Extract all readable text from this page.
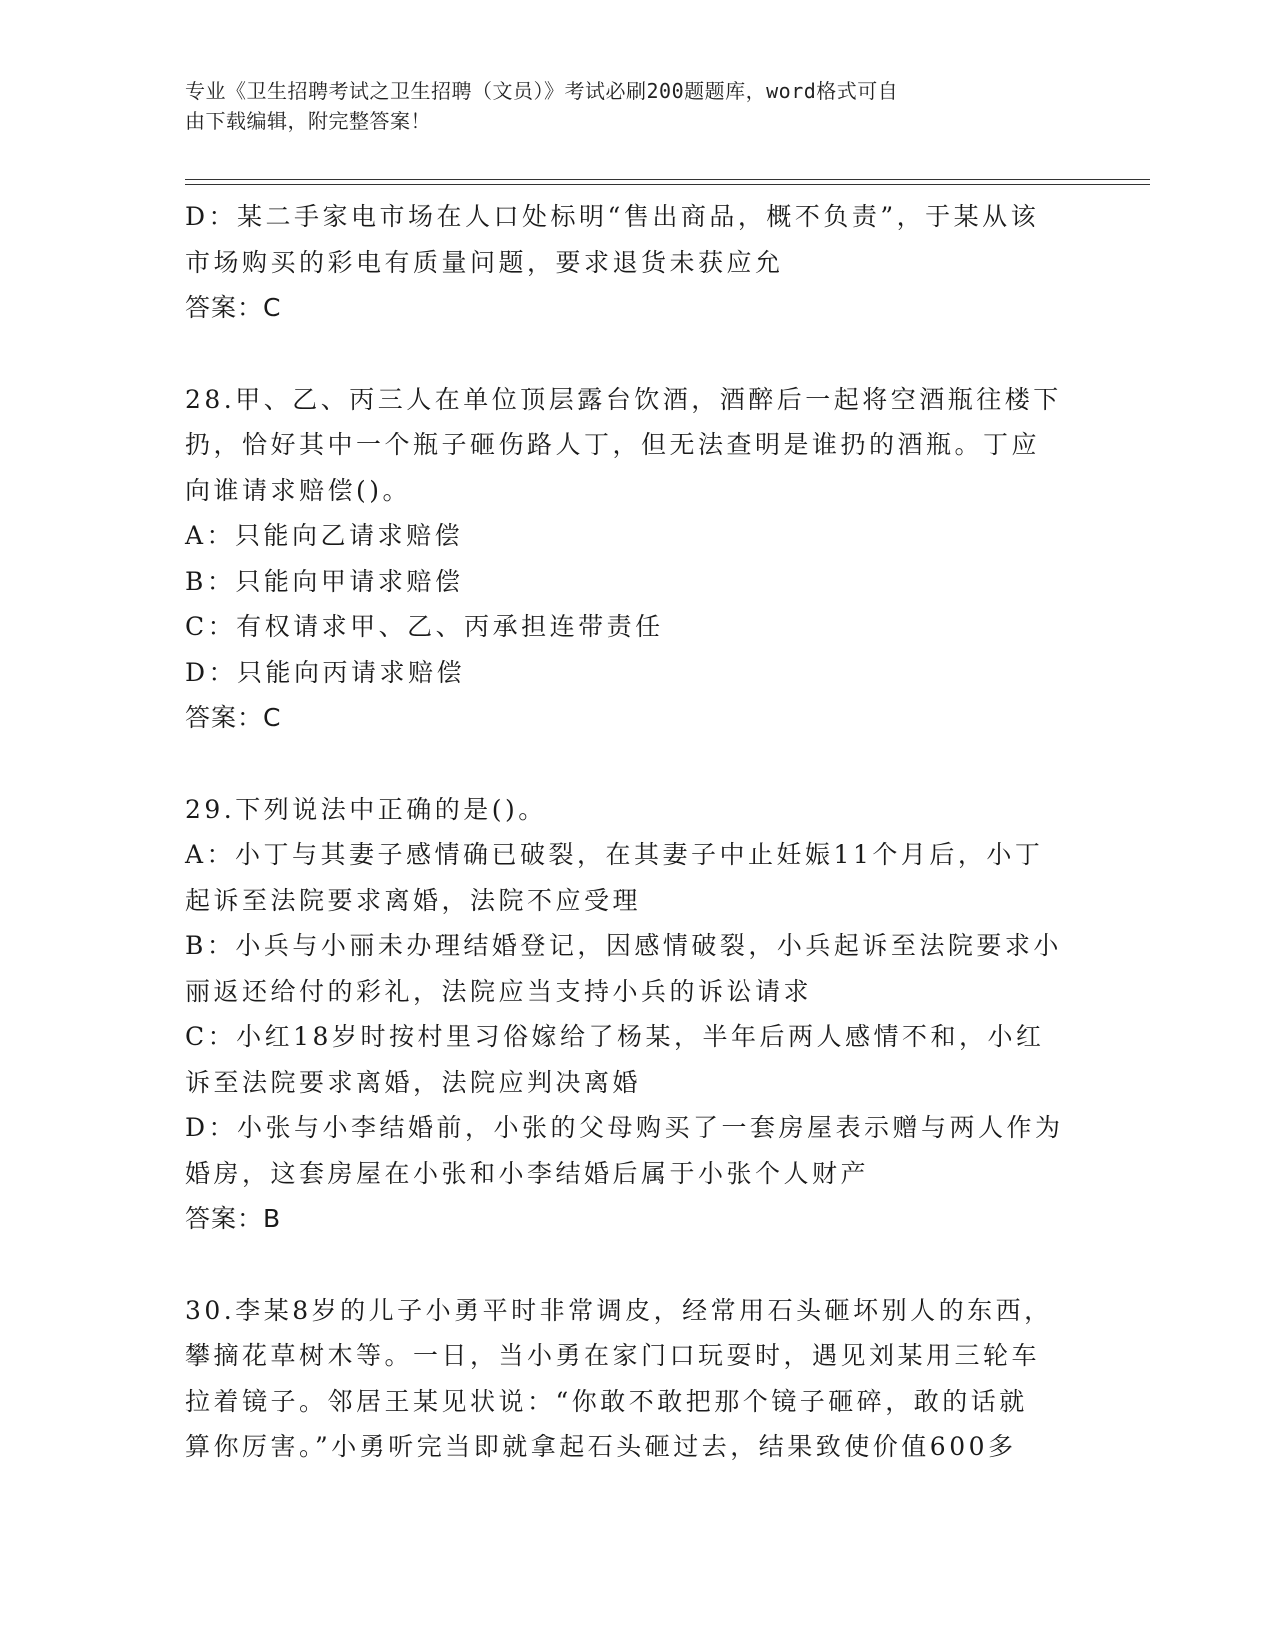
专业《卫生招聘考试之卫生招聘（文员）》考试必刷200题题库，word格式可自
由下载编辑，附完整答案！

D：某二手家电市场在人口处标明“售出商品，概不负责”，于某从该

市场购买的彩电有质量问题，要求退货未获应允

答案：C

28.甲、乙、丙三人在单位顶层露台饮酒，酒醉后一起将空酒瓶往楼下

扔，恰好其中一个瓶子砸伤路人丁，但无法查明是谁扔的酒瓶。丁应

向谁请求赔偿()。

A：只能向乙请求赔偿

B：只能向甲请求赔偿

C：有权请求甲、乙、丙承担连带责任

D：只能向丙请求赔偿

答案：C

29.下列说法中正确的是()。

A：小丁与其妻子感情确已破裂，在其妻子中止妊娠11个月后，小丁

起诉至法院要求离婚，法院不应受理

B：小兵与小丽未办理结婚登记，因感情破裂，小兵起诉至法院要求小

丽返还给付的彩礼，法院应当支持小兵的诉讼请求

C：小红18岁时按村里习俗嫁给了杨某，半年后两人感情不和，小红

诉至法院要求离婚，法院应判决离婚

D：小张与小李结婚前，小张的父母购买了一套房屋表示赠与两人作为

婚房，这套房屋在小张和小李结婚后属于小张个人财产

答案：B

30.李某8岁的儿子小勇平时非常调皮，经常用石头砸坏别人的东西，

攀摘花草树木等。一日，当小勇在家门口玩耍时，遇见刘某用三轮车

拉着镜子。邻居王某见状说：“你敢不敢把那个镜子砸碎，敢的话就

算你厉害。”小勇听完当即就拿起石头砸过去，结果致使价值600多
